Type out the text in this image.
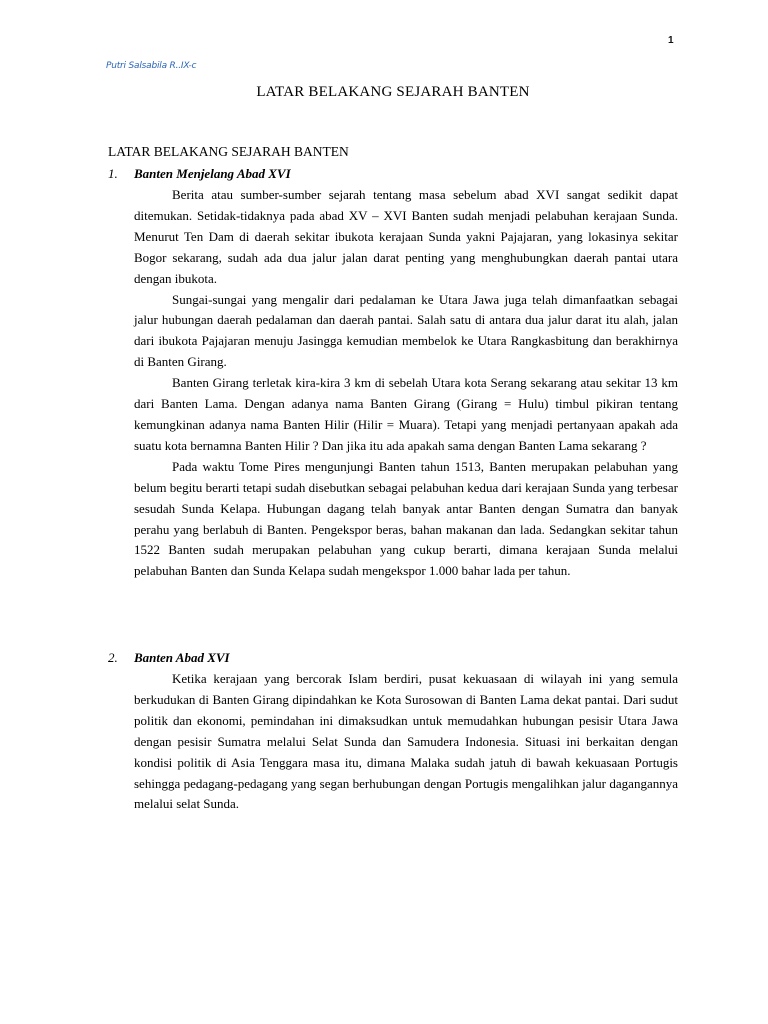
1
Putri Salsabila R..IX-c
LATAR BELAKANG SEJARAH BANTEN
LATAR BELAKANG SEJARAH BANTEN
1. Banten Menjelang Abad XVI

Berita atau sumber-sumber sejarah tentang masa sebelum abad XVI sangat sedikit dapat ditemukan. Setidak-tidaknya pada abad XV – XVI Banten sudah menjadi pelabuhan kerajaan Sunda. Menurut Ten Dam di daerah sekitar ibukota kerajaan Sunda yakni Pajajaran, yang lokasinya sekitar Bogor sekarang, sudah ada dua jalur jalan darat penting yang menghubungkan daerah pantai utara dengan ibukota.

Sungai-sungai yang mengalir dari pedalaman ke Utara Jawa juga telah dimanfaatkan sebagai jalur hubungan daerah pedalaman dan daerah pantai. Salah satu di antara dua jalur darat itu alah, jalan dari ibukota Pajajaran menuju Jasingga kemudian membelok ke Utara Rangkasbitung dan berakhirnya di Banten Girang.

Banten Girang terletak kira-kira 3 km di sebelah Utara kota Serang sekarang atau sekitar 13 km dari Banten Lama. Dengan adanya nama Banten Girang (Girang = Hulu) timbul pikiran tentang kemungkinan adanya nama Banten Hilir (Hilir = Muara). Tetapi yang menjadi pertanyaan apakah ada suatu kota bernamna Banten Hilir ? Dan jika itu ada apakah sama dengan Banten Lama sekarang ?

Pada waktu Tome Pires mengunjungi Banten tahun 1513, Banten merupakan pelabuhan yang belum begitu berarti tetapi sudah disebutkan sebagai pelabuhan kedua dari kerajaan Sunda yang terbesar sesudah Sunda Kelapa. Hubungan dagang telah banyak antar Banten dengan Sumatra dan banyak perahu yang berlabuh di Banten. Pengekspor beras, bahan makanan dan lada. Sedangkan sekitar tahun 1522 Banten sudah merupakan pelabuhan yang cukup berarti, dimana kerajaan Sunda melalui pelabuhan Banten dan Sunda Kelapa sudah mengekspor 1.000 bahar lada per tahun.

2. Banten Abad XVI

Ketika kerajaan yang bercorak Islam berdiri, pusat kekuasaan di wilayah ini yang semula berkudukan di Banten Girang dipindahkan ke Kota Surosowan di Banten Lama dekat pantai. Dari sudut politik dan ekonomi, pemindahan ini dimaksudkan untuk memudahkan hubungan pesisir Utara Jawa dengan pesisir Sumatra melalui Selat Sunda dan Samudera Indonesia. Situasi ini berkaitan dengan kondisi politik di Asia Tenggara masa itu, dimana Malaka sudah jatuh di bawah kekuasaan Portugis sehingga pedagang-pedagang yang segan berhubungan dengan Portugis mengalihkan jalur dagangannya melalui selat Sunda.
